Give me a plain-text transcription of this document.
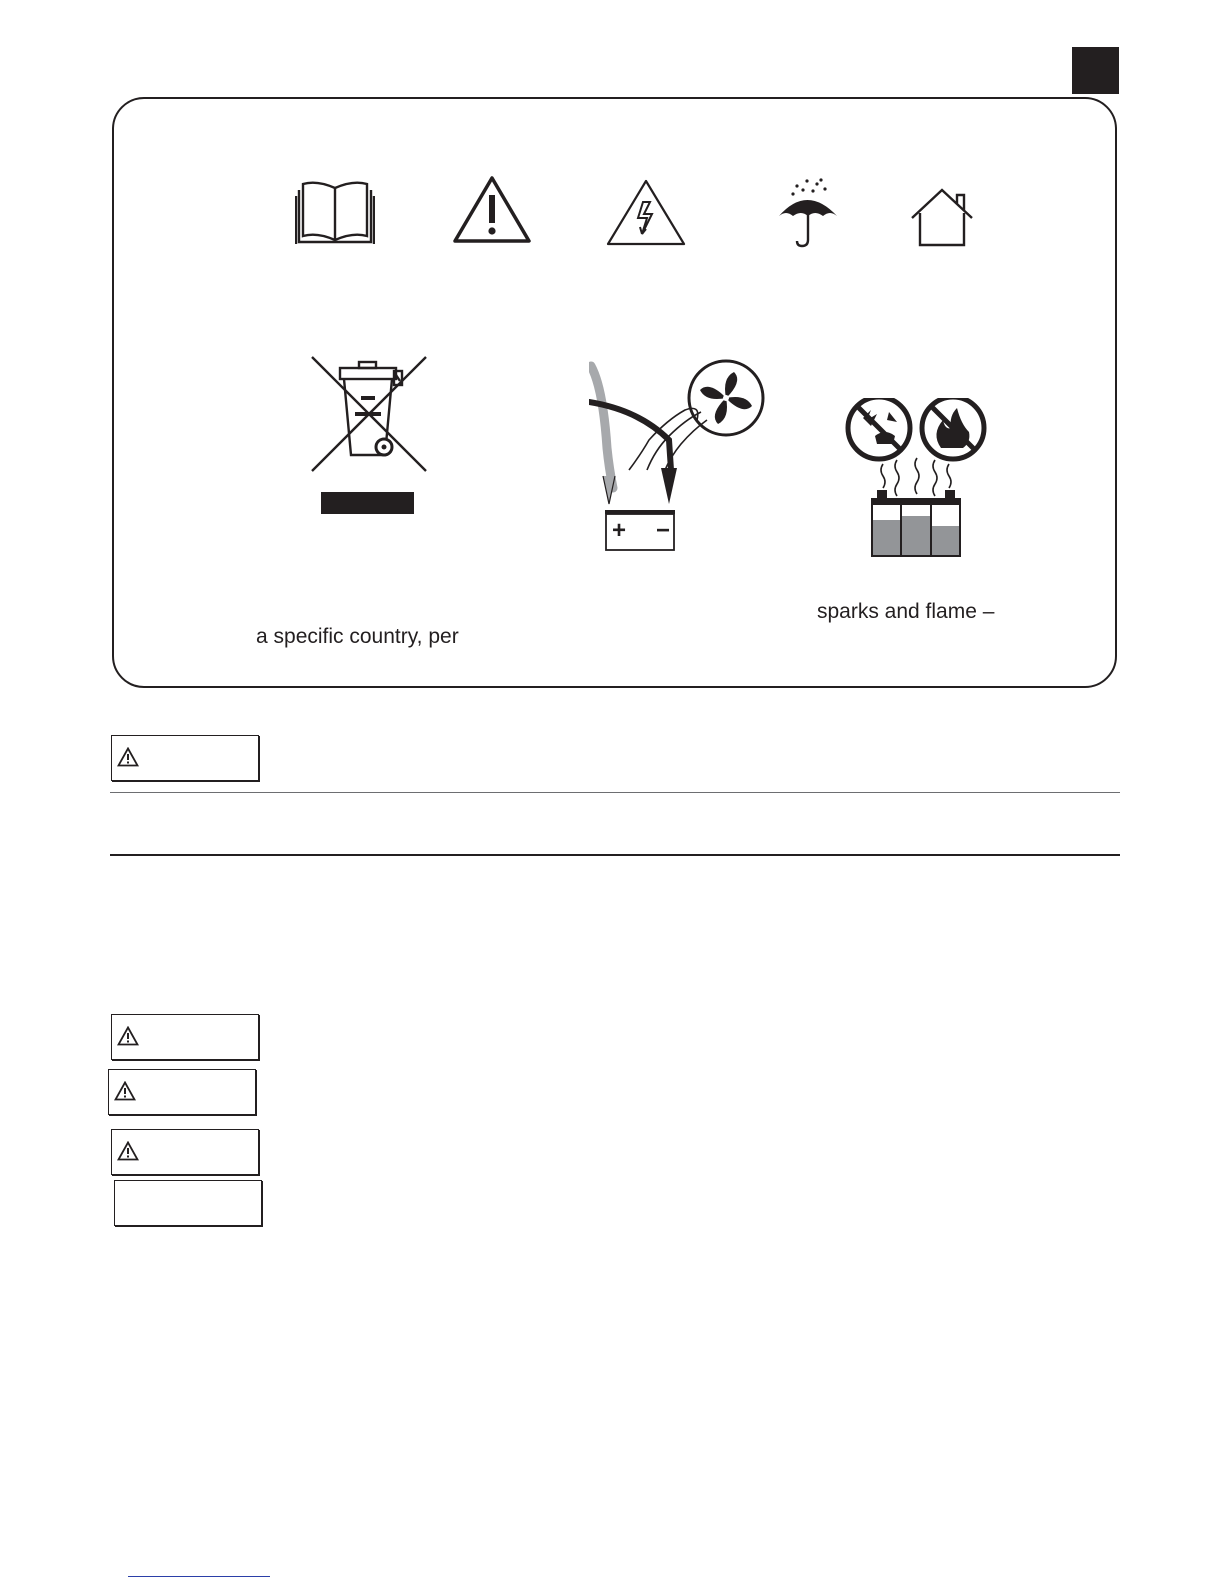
+ −
a specific country, per
sparks and flame –
